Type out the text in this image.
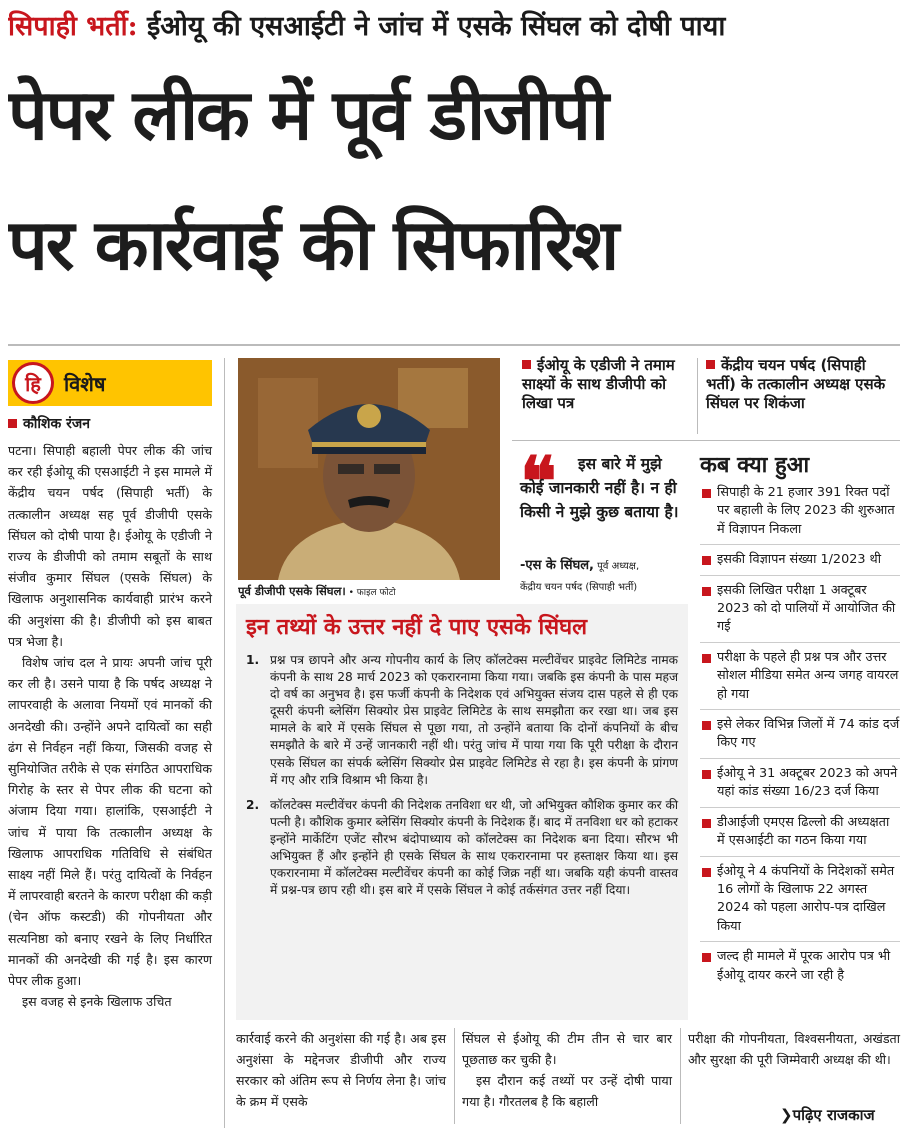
सिपाही भर्ती: ईओयू की एसआईटी ने जांच में एसके सिंघल को दोषी पाया
पेपर लीक में पूर्व डीजीपी
पर कार्रवाई की सिफारिश
हि	विशेष
कौशिक रंजन

पटना। सिपाही बहाली पेपर लीक की जांच कर रही ईओयू की एसआईटी ने इस मामले में केंद्रीय चयन पर्षद (सिपाही भर्ती) के तत्कालीन अध्यक्ष सह पूर्व डीजीपी एसके सिंघल को दोषी पाया है। ईओयू के एडीजी ने राज्य के डीजीपी को तमाम सबूतों के साथ संजीव कुमार सिंघल (एसके सिंघल) के खिलाफ अनुशासनिक कार्यवाही प्रारंभ करने की अनुशंसा की है। डीजीपी को इस बाबत पत्र भेजा है।

विशेष जांच दल ने प्रायः अपनी जांच पूरी कर ली है। उसने पाया है कि पर्षद अध्यक्ष ने लापरवाही के अलावा नियमों एवं मानकों की अनदेखी की। उन्होंने अपने दायित्वों का सही ढंग से निर्वहन नहीं किया, जिसकी वजह से सुनियोजित तरीके से एक संगठित आपराधिक गिरोह के स्तर से पेपर लीक की घटना को अंजाम दिया गया। हालांकि, एसआईटी ने जांच में पाया कि तत्कालीन अध्यक्ष के खिलाफ आपराधिक गतिविधि से संबंधित साक्ष्य नहीं मिले हैं। परंतु दायित्वों के निर्वहन में लापरवाही बरतने के कारण परीक्षा की कड़ी (चेन ऑफ कस्टडी) की गोपनीयता और सत्यनिष्ठा को बनाए रखने के लिए निर्धारित मानकों की अनदेखी की गई है। इस कारण पेपर लीक हुआ।

इस वजह से इनके खिलाफ उचित

पूर्व डीजीपी एसके सिंघल। • फाइल फोटो
ईओयू के एडीजी ने तमाम साक्ष्यों के साथ डीजीपी को लिखा पत्र
केंद्रीय चयन पर्षद (सिपाही भर्ती) के तत्कालीन अध्यक्ष एसके सिंघल पर शिकंजा
❝	इस बारे में मुझे कोई जानकारी नहीं है। न ही किसी ने मुझे कुछ बताया है।
-एस के सिंघल, पूर्व अध्यक्ष,
केंद्रीय चयन पर्षद (सिपाही भर्ती)
कब क्या हुआ
सिपाही के 21 हजार 391 रिक्त पदों पर बहाली के लिए 2023 की शुरुआत में विज्ञापन निकला
इसकी विज्ञापन संख्या 1/2023 थी
इसकी लिखित परीक्षा 1 अक्टूबर 2023 को दो पालियों में आयोजित की गई
परीक्षा के पहले ही प्रश्न पत्र और उत्तर सोशल मीडिया समेत अन्य जगह वायरल हो गया
इसे लेकर विभिन्न जिलों में 74 कांड दर्ज किए गए
ईओयू ने 31 अक्टूबर 2023 को अपने यहां कांड संख्या 16/23 दर्ज किया
डीआईजी एमएस ढिल्लो की अध्यक्षता में एसआईटी का गठन किया गया
ईओयू ने 4 कंपनियों के निदेशकों समेत 16 लोगों के खिलाफ 22 अगस्त 2024 को पहला आरोप-पत्र दाखिल किया
जल्द ही मामले में पूरक आरोप पत्र भी ईओयू दायर करने जा रही है
इन तथ्यों के उत्तर नहीं दे पाए एसके सिंघल
1. प्रश्न पत्र छापने और अन्य गोपनीय कार्य के लिए कॉलटेक्स मल्टीवेंचर प्राइवेट लिमिटेड नामक कंपनी के साथ 28 मार्च 2023 को एकरारनामा किया गया। जबकि इस कंपनी के पास महज दो वर्ष का अनुभव है। इस फर्जी कंपनी के निदेशक एवं अभियुक्त संजय दास पहले से ही एक दूसरी कंपनी ब्लेसिंग सिक्योर प्रेस प्राइवेट लिमिटेड के साथ समझौता कर रखा था। जब इस मामले के बारे में एसके सिंघल से पूछा गया, तो उन्होंने बताया कि दोनों कंपनियों के बीच समझौते के बारे में उन्हें जानकारी नहीं थी। परंतु जांच में पाया गया कि पूरी परीक्षा के दौरान एसके सिंघल का संपर्क ब्लेसिंग सिक्योर प्रेस प्राइवेट लिमिटेड से रहा है। इस कंपनी के प्रांगण में गए और रात्रि विश्राम भी किया है।
2. कॉलटेक्स मल्टीवेंचर कंपनी की निदेशक तनविशा धर थी, जो अभियुक्त कौशिक कुमार कर की पत्नी है। कौशिक कुमार ब्लेसिंग सिक्योर कंपनी के निदेशक हैं। बाद में तनविशा धर को हटाकर इन्होंने मार्केटिंग एजेंट सौरभ बंदोपाध्याय को कॉलटेक्स का निदेशक बना दिया। सौरभ भी अभियुक्त हैं और इन्होंने ही एसके सिंघल के साथ एकरारनामा पर हस्ताक्षर किया था। इस एकरारनामा में कॉलटेक्स मल्टीवेंचर कंपनी का कोई जिक्र नहीं था। जबकि यही कंपनी वास्तव में प्रश्न-पत्र छाप रही थी। इस बारे में एसके सिंघल ने कोई तर्कसंगत उत्तर नहीं दिया।
कार्रवाई करने की अनुशंसा की गई है। अब इस अनुशंसा के मद्देनजर डीजीपी और राज्य सरकार को अंतिम रूप से निर्णय लेना है। जांच के क्रम में एसके
सिंघल से ईओयू की टीम तीन से चार बार पूछताछ कर चुकी है।
इस दौरान कई तथ्यों पर उन्हें दोषी पाया गया है। गौरतलब है कि बहाली
परीक्षा की गोपनीयता, विश्वसनीयता, अखंडता और सुरक्षा की पूरी जिम्मेवारी अध्यक्ष की थी।
❯पढ़िए राजकाज
